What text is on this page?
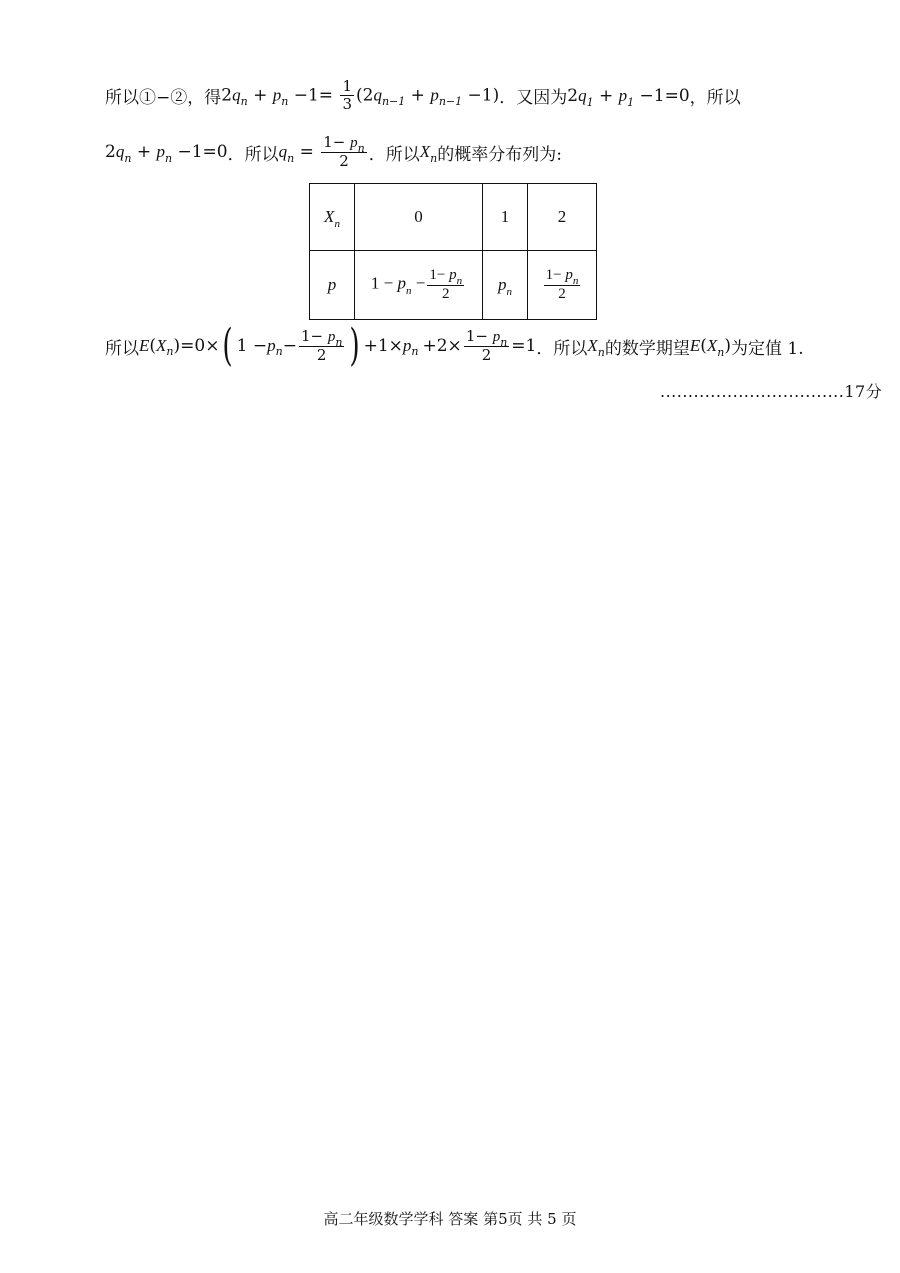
所以①−②，得 $2q_n + p_n -1= \frac{1}{3} (2q_{n-1} + p_{n-1} -1)$ ．又因为 $2q_1 + p_1 -1=0$ ，所以
$2q_n + p_n -1=0$ ．所以 $q_n = \frac{1- p_n}{2}$ ．所以 $X_n$ 的概率分布列为:
$X_n$	0	1	2
p	$1 - p_n - \frac{1- p_n}{2}$	$p_n$	$\frac{1- p_n}{2}$
所以 E ( X n )=0× ( 1 − p $n - \frac{1- p_n}{2}$ ) +1× p $n +2\times \frac{1- p_n}{2} =1$ ．所以 $X_n$ 的数学期望 $E(X_n)$ 为定值 1.
.................................17分
高二年级数学学科 答案 第5页 共 5 页
